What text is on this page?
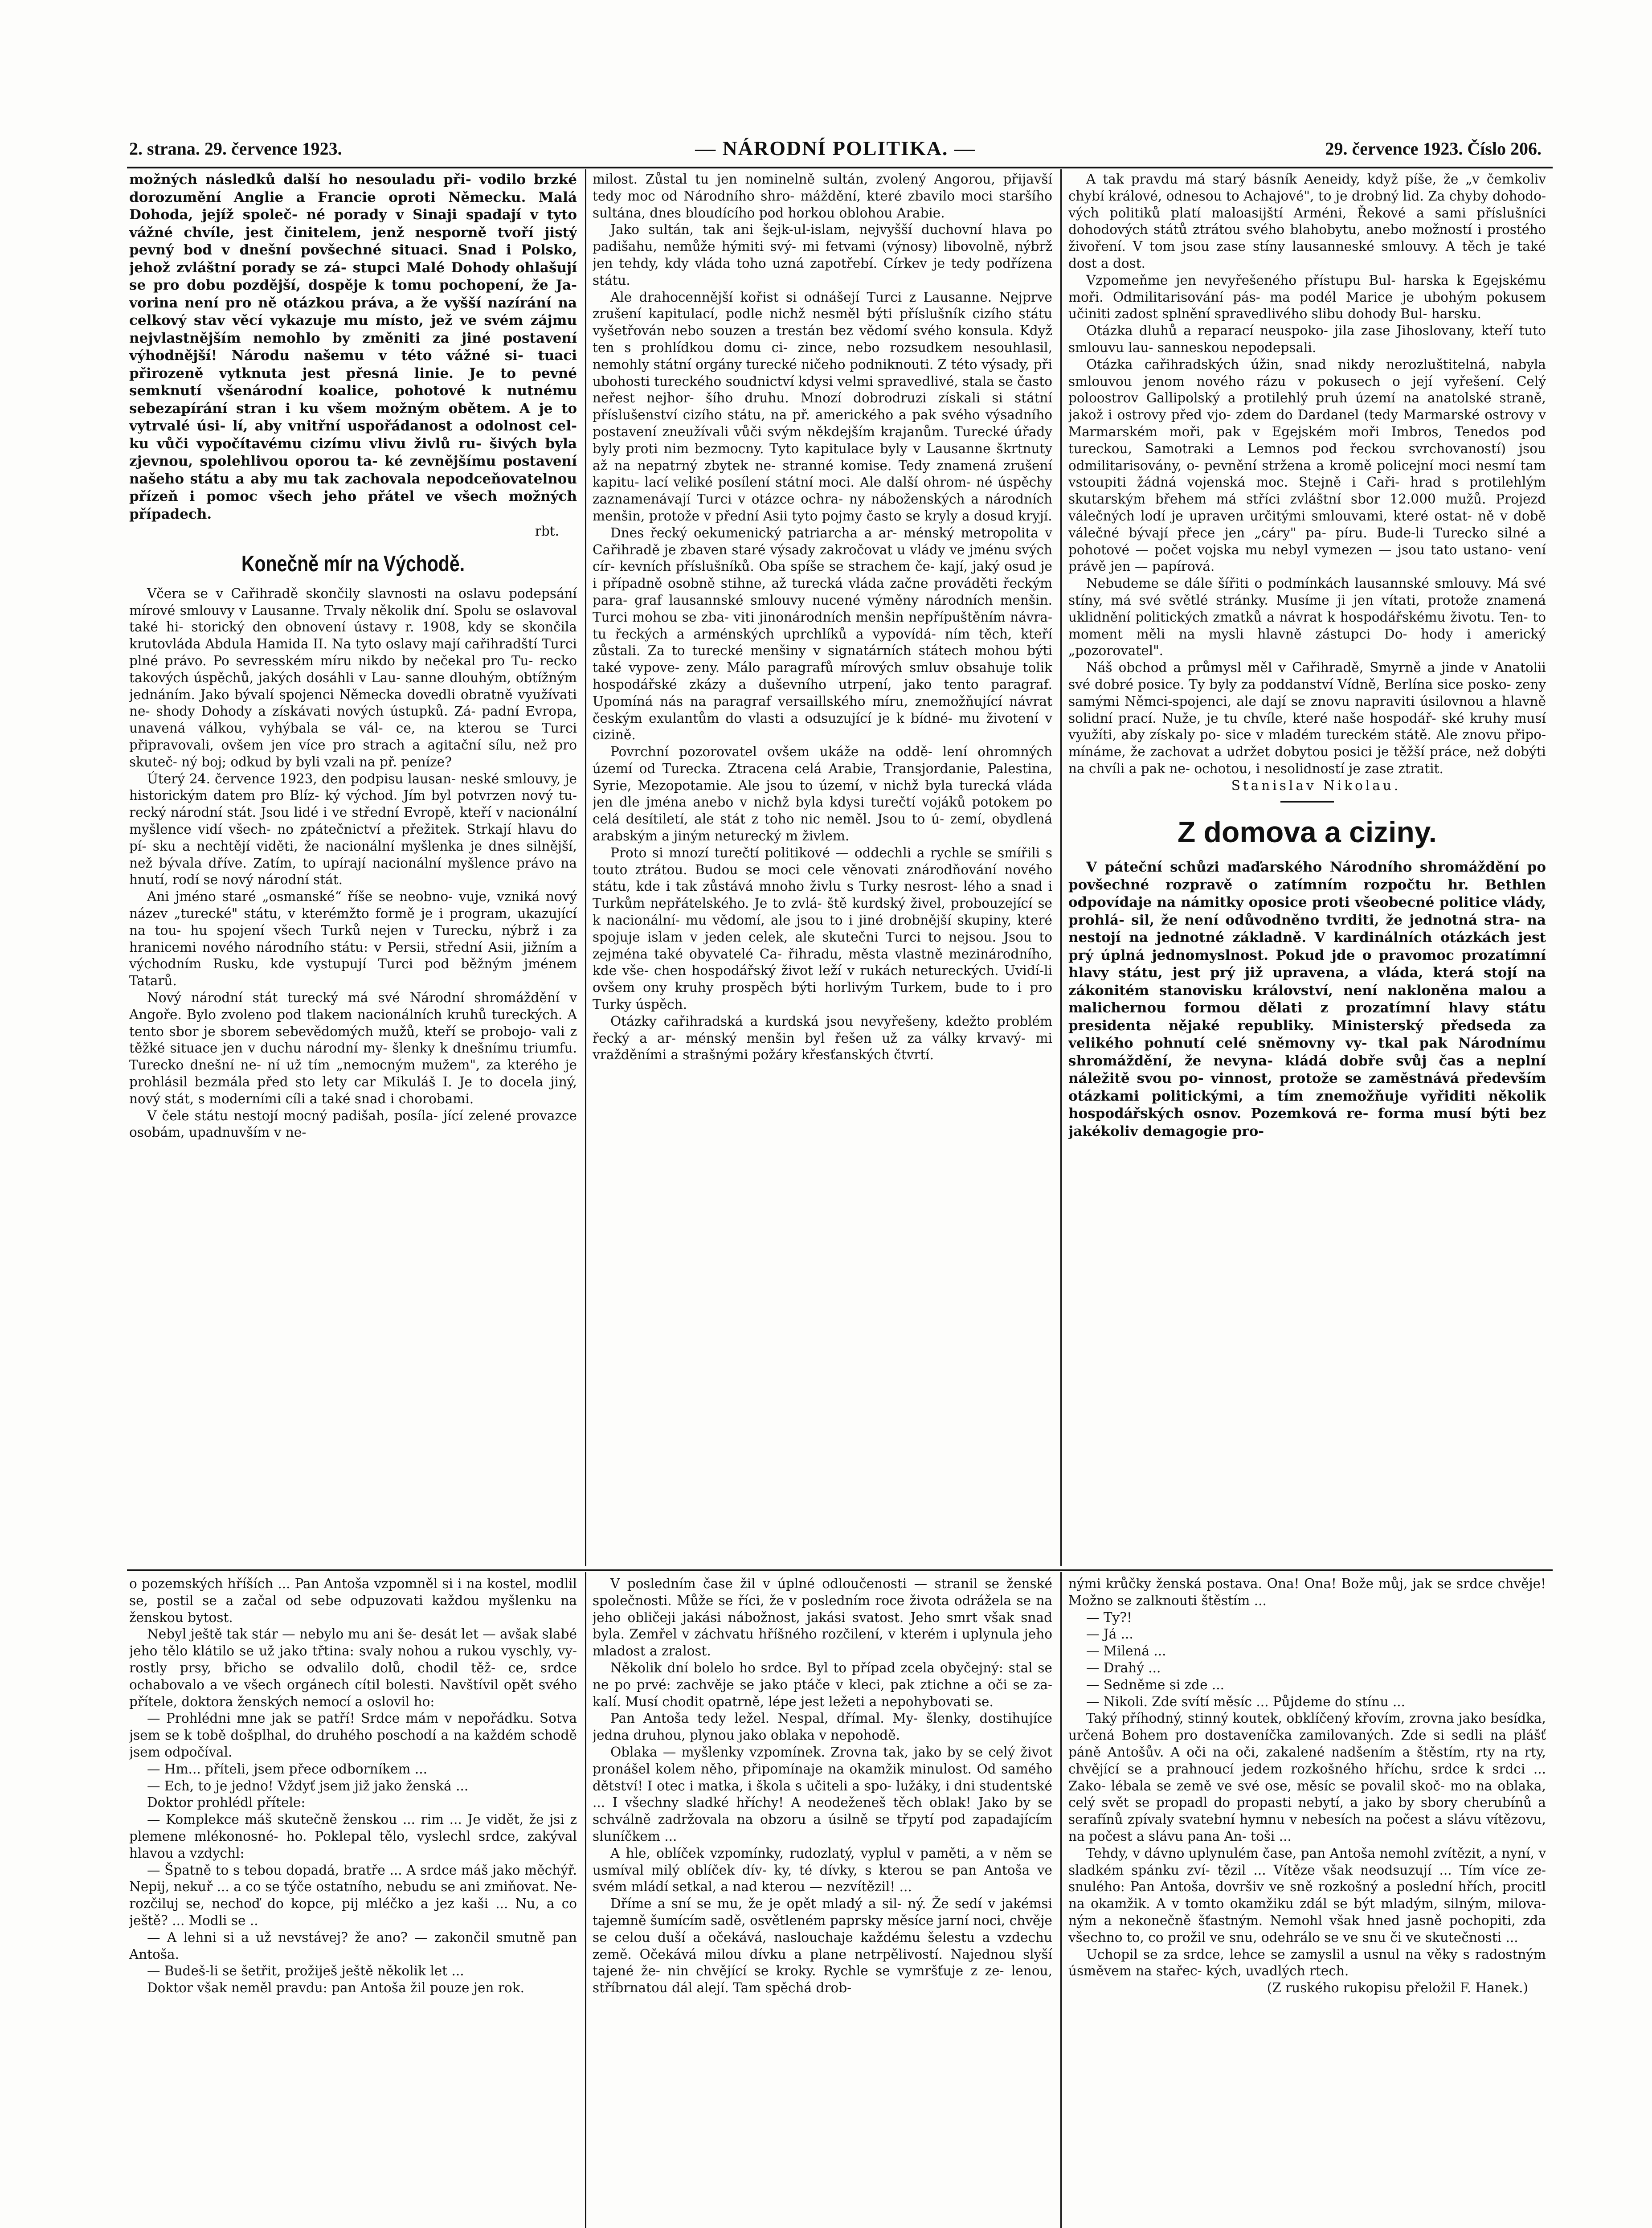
2. strana. 29. července 1923.	— NÁRODNÍ POLITIKA. —	29. července 1923. Číslo 206.

možných následků další ho nesouladu při- vodilo brzké dorozumění Anglie a Francie oproti Německu. Malá Dohoda, jejíž společ- né porady v Sinaji spadají v tyto vážné chvíle, jest činitelem, jenž nesporně tvoří jistý pevný bod v dnešní povšechné situaci. Snad i Polsko, jehož zvláštní porady se zá- stupci Malé Dohody ohlašují se pro dobu pozdější, dospěje k tomu pochopení, že Ja- vorina není pro ně otázkou práva, a že vyšší nazírání na celkový stav věcí vykazuje mu místo, jež ve svém zájmu nejvlastnějším nemohlo by změniti za jiné postavení výhodnější! Národu našemu v této vážné si- tuaci přirozeně vytknuta jest přesná linie. Je to pevné semknutí všenárodní koalice, pohotové k nutnému sebezapírání stran i ku všem možným obětem. A je to vytrvalé úsi- lí, aby vnitřní uspořádanost a odolnost cel- ku vůči vypočítavému cizímu vlivu živlů ru- šivých byla zjevnou, spolehlivou oporou ta- ké zevnějšímu postavení našeho státu a aby mu tak zachovala nepodceňovatelnou přízeň i pomoc všech jeho přátel ve všech možných případech.

rbt.

Konečně mír na Východě.

Včera se v Cařihradě skončily slavnosti na oslavu podepsání mírové smlouvy v Lausanne. Trvaly několik dní. Spolu se oslavoval také hi- storický den obnovení ústavy r. 1908, kdy se skončila krutovláda Abdula Hamida II. Na tyto oslavy mají cařihradští Turci plné právo. Po sevresském míru nikdo by nečekal pro Tu- recko takových úspěchů, jakých dosáhli v Lau- sanne dlouhým, obtížným jednáním. Jako bývalí spojenci Německa dovedli obratně využívati ne- shody Dohody a získávati nových ústupků. Zá- padní Evropa, unavená válkou, vyhýbala se vál- ce, na kterou se Turci připravovali, ovšem jen více pro strach a agitační sílu, než pro skuteč- ný boj; odkud by byli vzali na př. peníze?

Úterý 24. července 1923, den podpisu lausan- neské smlouvy, je historickým datem pro Blíz- ký východ. Jím byl potvrzen nový tu- recký národní stát. Jsou lidé i ve střední Evropě, kteří v nacionální myšlence vidí všech- no zpátečnictví a přežitek. Strkají hlavu do pí- sku a nechtějí viděti, že nacionální myšlenka je dnes silnější, než bývala dříve. Zatím, to upírají nacionální myšlence právo na hnutí, rodí se nový národní stát.

Ani jméno staré „osmanské“ říše se neobno- vuje, vzniká nový název „turecké" státu, v kterémžto formě je i program, ukazující na tou- hu spojení všech Turků nejen v Turecku, nýbrž i za hranicemi nového národního státu: v Persii, střední Asii, jižním a východním Rusku, kde vystupují Turci pod běžným jménem Tatarů.

Nový národní stát turecký má své Národní shromáždění v Angoře. Bylo zvoleno pod tlakem nacionálních kruhů tureckých. A tento sbor je sborem sebevědomých mužů, kteří se probojo- vali z těžké situace jen v duchu národní my- šlenky k dnešnímu triumfu. Turecko dnešní ne- ní už tím „nemocným mužem", za kterého je prohlásil bezmála před sto lety car Mikuláš I. Je to docela jiný, nový stát, s moderními cíli a také snad i chorobami.

V čele státu nestojí mocný padišah, posíla- jící zelené provazce osobám, upadnuvším v ne-

milost. Zůstal tu jen nominelně sultán, zvolený Angorou, přijavší tedy moc od Národního shro- máždění, které zbavilo moci staršího sultána, dnes bloudícího pod horkou oblohou Arabie.

Jako sultán, tak ani šejk-ul-islam, nejvyšší duchovní hlava po padišahu, nemůže hýmiti svý- mi fetvami (výnosy) libovolně, nýbrž jen tehdy, kdy vláda toho uzná zapotřebí. Církev je tedy podřízena státu.

Ale drahocennější kořist si odnášejí Turci z Lausanne. Nejprve zrušení kapitulací, podle nichž nesměl býti příslušník cizího státu vyšetřován nebo souzen a trestán bez vědomí svého konsula. Když ten s prohlídkou domu ci- zince, nebo rozsudkem nesouhlasil, nemohly státní orgány turecké ničeho podniknouti. Z této výsady, při ubohosti tureckého soudnictví kdysi velmi spravedlivé, stala se často neřest nejhor- šího druhu. Mnozí dobrodruzi získali si státní příslušenství cizího státu, na př. amerického a pak svého výsadního postavení zneužívali vůči svým někdejším krajanům. Turecké úřady byly proti nim bezmocny. Tyto kapitulace byly v Lausanne škrtnuty až na nepatrný zbytek ne- stranné komise. Tedy znamená zrušení kapitu- lací veliké posílení státní moci. Ale další ohrom- né úspěchy zaznamenávají Turci v otázce ochra- ny náboženských a národních menšin, protože v přední Asii tyto pojmy často se kryly a dosud kryjí.

Dnes řecký oekumenický patriarcha a ar- ménský metropolita v Cařihradě je zbaven staré výsady zakročovat u vlády ve jménu svých cír- kevních příslušníků. Oba spíše se strachem če- kají, jaký osud je i případně osobně stihne, až turecká vláda začne prováděti řeckým para- graf lausannské smlouvy nucené výměny národních menšin. Turci mohou se zba- viti jinonárodních menšin nepřípuštěním návra- tu řeckých a arménských uprchlíků a vypovídá- ním těch, kteří zůstali. Za to turecké menšiny v signatárních státech mohou býti také vypove- zeny. Málo paragrafů mírových smluv obsahuje tolik hospodářské zkázy a duševního utrpení, jako tento paragraf. Upomíná nás na paragraf versaillského míru, znemožňující návrat českým exulantům do vlasti a odsuzující je k bídné- mu životení v cizině.

Povrchní pozorovatel ovšem ukáže na oddě- lení ohromných území od Turecka. Ztracena celá Arabie, Transjordanie, Palestina, Syrie, Mezopotamie. Ale jsou to území, v nichž byla turecká vláda jen dle jména anebo v nichž byla kdysi turečtí vojáků potokem po celá desítiletí, ale stát z toho nic neměl. Jsou to ú- zemí, obydlená arabským a jiným neturecký m živlem.

Proto si mnozí turečtí politikové — oddechli a rychle se smířili s touto ztrátou. Budou se moci cele věnovati znárodňování nového státu, kde i tak zůstává mnoho živlu s Turky nesrost- lého a snad i Turkům nepřátelského. Je to zvlá- ště kurdský živel, probouzející se k nacionální- mu vědomí, ale jsou to i jiné drobnější skupiny, které spojuje islam v jeden celek, ale skutečni Turci to nejsou. Jsou to zejména také obyvatelé Ca- řihradu, města vlastně mezinárodního, kde vše- chen hospodářský život leží v rukách netureckých. Uvidí-li ovšem ony kruhy prospěch býti horlivým Turkem, bude to i pro Turky úspěch.

Otázky cařihradská a kurdská jsou nevyřešeny, kdežto problém řecký a ar- ménský menšin byl řešen už za války krvavý- mi vražděními a strašnými požáry křesťanských čtvrtí.

A tak pravdu má starý básník Aeneidy, když píše, že „v čemkoliv chybí králové, odnesou to Achajové", to je drobný lid. Za chyby dohodo- vých politiků platí maloasijští Arméni, Řekové a sami příslušníci dohodových států ztrátou svého blahobytu, anebo možností i prostého živoření. V tom jsou zase stíny lausanneské smlouvy. A těch je také dost a dost.

Vzpomeňme jen nevyřešeného přístupu Bul- harska k Egejskému moři. Odmilitarisování pás- ma podél Marice je ubohým pokusem učiniti zadost splnění spravedlivého slibu dohody Bul- harsku.

Otázka dluhů a reparací neuspoko- jila zase Jihoslovany, kteří tuto smlouvu lau- sanneskou nepodepsali.

Otázka cařihradských úžin, snad nikdy nerozluštitelná, nabyla smlouvou jenom nového rázu v pokusech o její vyřešení. Celý poloostrov Gallipolský a protilehlý pruh území na anatolské straně, jakož i ostrovy před vjo- zdem do Dardanel (tedy Marmarské ostrovy v Marmarském moři, pak v Egejském moři Imbros, Tenedos pod tureckou, Samotraki a Lemnos pod řeckou svrchovaností) jsou odmilitarisovány, o- pevnění stržena a kromě policejní moci nesmí tam vstoupiti žádná vojenská moc. Stejně i Caři- hrad s protilehlým skutarským břehem má stříci zvláštní sbor 12.000 mužů. Projezd válečných lodí je upraven určitými smlouvami, které ostat- ně v době válečné bývají přece jen „cáry" pa- píru. Bude-li Turecko silné a pohotové — počet vojska mu nebyl vymezen — jsou tato ustano- vení právě jen — papírová.

Nebudeme se dále šířiti o podmínkách lausannské smlouvy. Má své stíny, má své světlé stránky. Musíme ji jen vítati, protože znamená uklidnění politických zmatků a návrat k hospodářskému životu. Ten- to moment měli na mysli hlavně zástupci Do- hody i americký „pozorovatel".

Náš obchod a průmysl měl v Cařihradě, Smyrně a jinde v Anatolii své dobré posice. Ty byly za poddanství Vídně, Berlína sice posko- zeny samými Němci-spojenci, ale dají se znovu napraviti úsilovnou a hlavně solidní prací. Nuže, je tu chvíle, které naše hospodář- ské kruhy musí využíti, aby získaly po- sice v mladém tureckém státě. Ale znovu připo- mínáme, že zachovat a udržet dobytou posici je těžší práce, než dobýti na chvíli a pak ne- ochotou, i nesolidností je zase ztratit.

Stanislav Nikolau.

Z domova a ciziny.

V páteční schůzi maďarského Národního shromáždění po povšechné rozpravě o zatímním rozpočtu hr. Bethlen odpovídaje na námitky oposice proti všeobecné politice vlády, prohlá- sil, že není odůvodněno tvrditi, že jednotná stra- na nestojí na jednotné základně. V kardinálních otázkách jest prý úplná jednomyslnost. Pokud jde o pravomoc prozatímní hlavy státu, jest prý již upravena, a vláda, která stojí na zákonitém stanovisku království, není nakloněna malou a malichernou formou dělati z prozatímní hlavy státu presidenta nějaké republiky. Ministerský předseda za velikého pohnutí celé sněmovny vy- tkal pak Národnímu shromáždění, že nevyna- kládá dobře svůj čas a neplní náležitě svou po- vinnost, protože se zaměstnává především otázkami politickými, a tím znemožňuje vyřiditi několik hospodářských osnov. Pozemková re- forma musí býti bez jakékoliv demagogie pro-

o pozemských hříších ... Pan Antoša vzpomněl si i na kostel, modlil se, postil se a začal od sebe odpuzovati každou myšlenku na ženskou bytost.

Nebyl ještě tak stár — nebylo mu ani še- desát let — avšak slabé jeho tělo klátilo se už jako třtina: svaly nohou a rukou vyschly, vy- rostly prsy, břicho se odvalilo dolů, chodil těž- ce, srdce ochabovalo a ve všech orgánech cítil bolesti. Navštívil opět svého přítele, doktora ženských nemocí a oslovil ho:

— Prohlédni mne jak se patří! Srdce mám v nepořádku. Sotva jsem se k tobě došplhal, do druhého poschodí a na každém schodě jsem odpočíval.

— Hm... příteli, jsem přece odborníkem ...

— Ech, to je jedno! Vždyť jsem již jako ženská ...

Doktor prohlédl přítele:

— Komplekce máš skutečně ženskou ... rim ... Je vidět, že jsi z plemene mlékonosné- ho. Poklepal tělo, vyslechl srdce, zakýval hlavou a vzdychl:

— Špatně to s tebou dopadá, bratře ... A srdce máš jako měchýř. Nepij, nekuř ... a co se týče ostatního, nebudu se ani zmiňovat. Ne- rozčiluj se, nechoď do kopce, pij mléčko a jez kaši ... Nu, a co ještě? ... Modli se ..

— A lehni si a už nevstávej? že ano? — zakončil smutně pan Antoša.

— Budeš-li se šetřit, prožiješ ještě několik let ...

Doktor však neměl pravdu: pan Antoša žil pouze jen rok.

V posledním čase žil v úplné odloučenosti — stranil se ženské společnosti. Může se říci, že v posledním roce života odrážela se na jeho obličeji jakási nábožnost, jakási svatost. Jeho smrt však snad byla. Zemřel v záchvatu hříšného rozčilení, v kterém i uplynula jeho mladost a zralost.

Několik dní bolelo ho srdce. Byl to případ zcela obyčejný: stal se ne po prvé: zachvěje se jako ptáče v kleci, pak ztichne a oči se za- kalí. Musí chodit opatrně, lépe jest ležeti a nepohybovati se.

Pan Antoša tedy ležel. Nespal, dřímal. My- šlenky, dostihujíce jedna druhou, plynou jako oblaka v nepohodě.

Oblaka — myšlenky vzpomínek. Zrovna tak, jako by se celý život pronášel kolem něho, připomínaje na okamžik minulost. Od samého dětství! I otec i matka, i škola s učiteli a spo- lužáky, i dni studentské ... I všechny sladké hříchy! A neodeženeš těch oblak! Jako by se schválně zadržovala na obzoru a úsilně se třpytí pod zapadajícím sluníčkem ...

A hle, oblíček vzpomínky, rudozlatý, vyplul v paměti, a v něm se usmíval milý oblíček dív- ky, té dívky, s kterou se pan Antoša ve svém mládí setkal, a nad kterou — nezvítězil! ...

Dříme a sní se mu, že je opět mladý a sil- ný. Že sedí v jakémsi tajemně šumícím sadě, osvětleném paprsky měsíce jarní noci, chvěje se celou duší a očekává, naslouchaje každému šelestu a vzdechu země. Očekává milou dívku a plane netrpělivostí. Najednou slyší tajené že- nin chvějící se kroky. Rychle se vymršťuje z ze- lenou, stříbrnatou dál alejí. Tam spěchá drob-

nými krůčky ženská postava. Ona! Ona! Bože můj, jak se srdce chvěje! Možno se zalknouti štěstím ...

— Ty?!

— Já ...

— Milená ...

— Drahý ...

— Sedněme si zde ...

— Nikoli. Zde svítí měsíc ... Půjdeme do stínu ...

Taký příhodný, stinný koutek, obklíčený křovím, zrovna jako besídka, určená Bohem pro dostaveníčka zamilovaných. Zde si sedli na plášť páně Antošův. A oči na oči, zakalené nadšením a štěstím, rty na rty, chvějící se a prahnoucí jedem rozkošného hříchu, srdce k srdci ... Zako- lébala se země ve své ose, měsíc se povalil skoč- mo na oblaka, celý svět se propadl do propasti nebytí, a jako by sbory cherubínů a serafínů zpívaly svatební hymnu v nebesích na počest a slávu vítězovu, na počest a slávu pana An- toši ...

Tehdy, v dávno uplynulém čase, pan Antoša nemohl zvítězit, a nyní, v sladkém spánku zví- tězil ... Vítěze však neodsuzují ... Tím více ze- snulého: Pan Antoša, dovršiv ve sně rozkošný a poslední hřích, procitl na okamžik. A v tomto okamžiku zdál se být mladým, silným, milova- ným a nekonečně šťastným. Nemohl však hned jasně pochopiti, zda všechno to, co prožil ve snu, odehrálo se ve snu či ve skutečnosti ...

Uchopil se za srdce, lehce se zamyslil a usnul na věky s radostným úsměvem na stařec- kých, uvadlých rtech.

(Z ruského rukopisu přeložil F. Hanek.)
